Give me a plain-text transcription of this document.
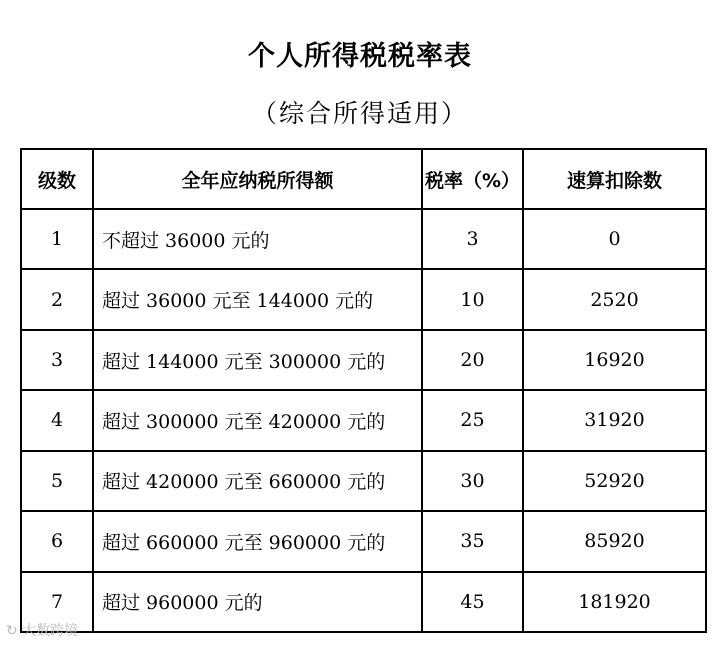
个人所得税税率表
（综合所得适用）
级数	全年应纳税所得额	税率（%）	速算扣除数
1	不超过 36000 元的	3	0
2	超过 36000 元至 144000 元的	10	2520
3	超过 144000 元至 300000 元的	20	16920
4	超过 300000 元至 420000 元的	25	31920
5	超过 420000 元至 660000 元的	30	52920
6	超过 660000 元至 960000 元的	35	85920
7	超过 960000 元的	45	181920
↻ 大数跨境
